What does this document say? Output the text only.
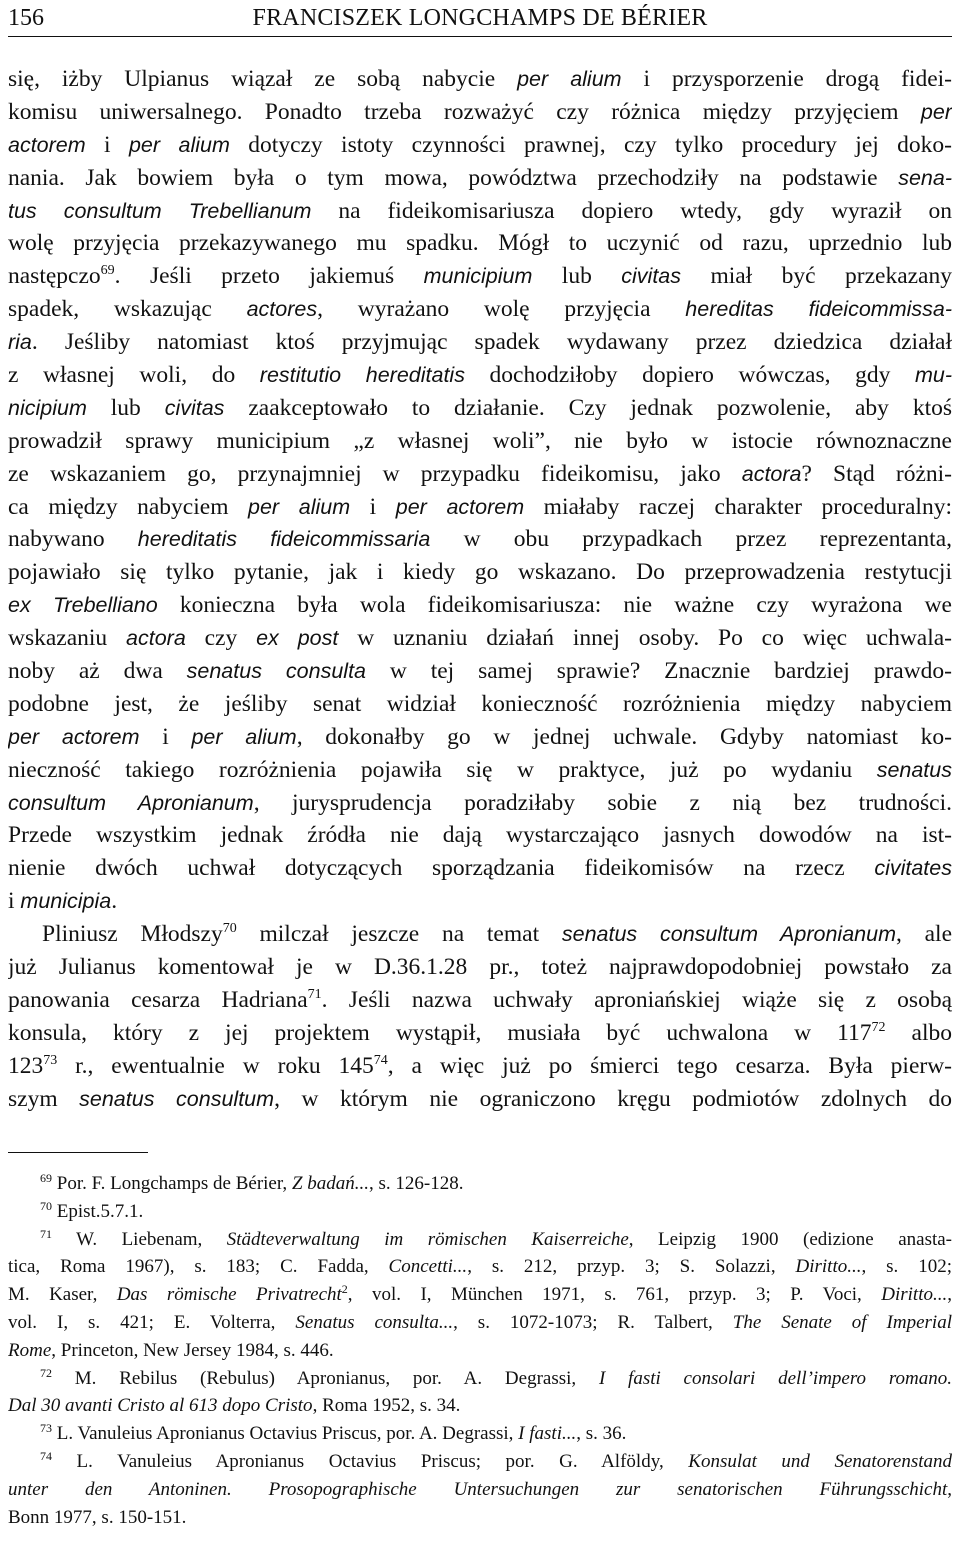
156	FRANCISZEK LONGCHAMPS DE BÉRIER
się, iżby Ulpianus wiązał ze sobą nabycie per alium i przysporzenie drogą fidei-
komisu uniwersalnego. Ponadto trzeba rozważyć czy różnica między przyjęciem per
actorem i per alium dotyczy istoty czynności prawnej, czy tylko procedury jej doko-
nania. Jak bowiem była o tym mowa, powództwa przechodziły na podstawie sena-
tus consultum Trebellianum na fideikomisariusza dopiero wtedy, gdy wyraził on
wolę przyjęcia przekazywanego mu spadku. Mógł to uczynić od razu, uprzednio lub
następczo$^{69}$. Jeśli przeto jakiemuś municipium lub civitas miał być przekazany
spadek, wskazując actores, wyrażano wolę przyjęcia hereditas fideicommissa-
ria. Jeśliby natomiast ktoś przyjmując spadek wydawany przez dziedzica działał
z własnej woli, do restitutio hereditatis dochodziłoby dopiero wówczas, gdy mu-
nicipium lub civitas zaakceptowało to działanie. Czy jednak pozwolenie, aby ktoś
prowadził sprawy municipium „z własnej woli”, nie było w istocie równoznaczne
ze wskazaniem go, przynajmniej w przypadku fideikomisu, jako actora? Stąd różni-
ca między nabyciem per alium i per actorem miałaby raczej charakter proceduralny:
nabywano hereditatis fideicommissaria w obu przypadkach przez reprezentanta,
pojawiało się tylko pytanie, jak i kiedy go wskazano. Do przeprowadzenia restytucji
ex Trebelliano konieczna była wola fideikomisariusza: nie ważne czy wyrażona we
wskazaniu actora czy ex post w uznaniu działań innej osoby. Po co więc uchwala-
noby aż dwa senatus consulta w tej samej sprawie? Znacznie bardziej prawdo-
podobne jest, że jeśliby senat widział konieczność rozróżnienia między nabyciem
per actorem i per alium, dokonałby go w jednej uchwale. Gdyby natomiast ko-
nieczność takiego rozróżnienia pojawiła się w praktyce, już po wydaniu senatus
consultum Apronianum, jurysprudencja poradziłaby sobie z nią bez trudności.
Przede wszystkim jednak źródła nie dają wystarczająco jasnych dowodów na ist-
nienie dwóch uchwał dotyczących sporządzania fideikomisów na rzecz civitates
i municipia.
Pliniusz Młodszy$^{70}$ milczał jeszcze na temat senatus consultum Apronianum, ale
już Julianus komentował je w D.36.1.28 pr., toteż najprawdopodobniej powstało za
panowania cesarza Hadriana$^{71}$. Jeśli nazwa uchwały aproniańskiej wiąże się z osobą
konsula, który z jej projektem wystąpił, musiała być uchwalona w $117^{72}$ albo
$123^{73}$ r., ewentualnie w roku $145^{74}$, a więc już po śmierci tego cesarza. Była pierw-
szym senatus consultum, w którym nie ograniczono kręgu podmiotów zdolnych do
$^{69}$ Por. F. Longchamps de Bérier, Z badań..., s. 126-128.
$^{70}$ Epist.5.7.1.
$^{71}$ W. Liebenam, Städteverwaltung im römischen Kaiserreiche, Leipzig 1900 (edizione anasta-
tica, Roma 1967), s. 183; C. Fadda, Concetti..., s. 212, przyp. 3; S. Solazzi, Diritto..., s. 102;
M. Kaser, Das römische Privatrecht$^2$, vol. I, München 1971, s. 761, przyp. 3; P. Voci, Diritto...,
vol. I, s. 421; E. Volterra, Senatus consulta..., s. 1072-1073; R. Talbert, The Senate of Imperial
Rome, Princeton, New Jersey 1984, s. 446.
$^{72}$ M. Rebilus (Rebulus) Apronianus, por. A. Degrassi, I fasti consolari dell’impero romano.
Dal 30 avanti Cristo al 613 dopo Cristo, Roma 1952, s. 34.
$^{73}$ L. Vanuleius Apronianus Octavius Priscus, por. A. Degrassi, I fasti..., s. 36.
$^{74}$ L. Vanuleius Apronianus Octavius Priscus; por. G. Alföldy, Konsulat und Senatorenstand
unter den Antoninen. Prosopographische Untersuchungen zur senatorischen Führungsschicht,
Bonn 1977, s. 150-151.
